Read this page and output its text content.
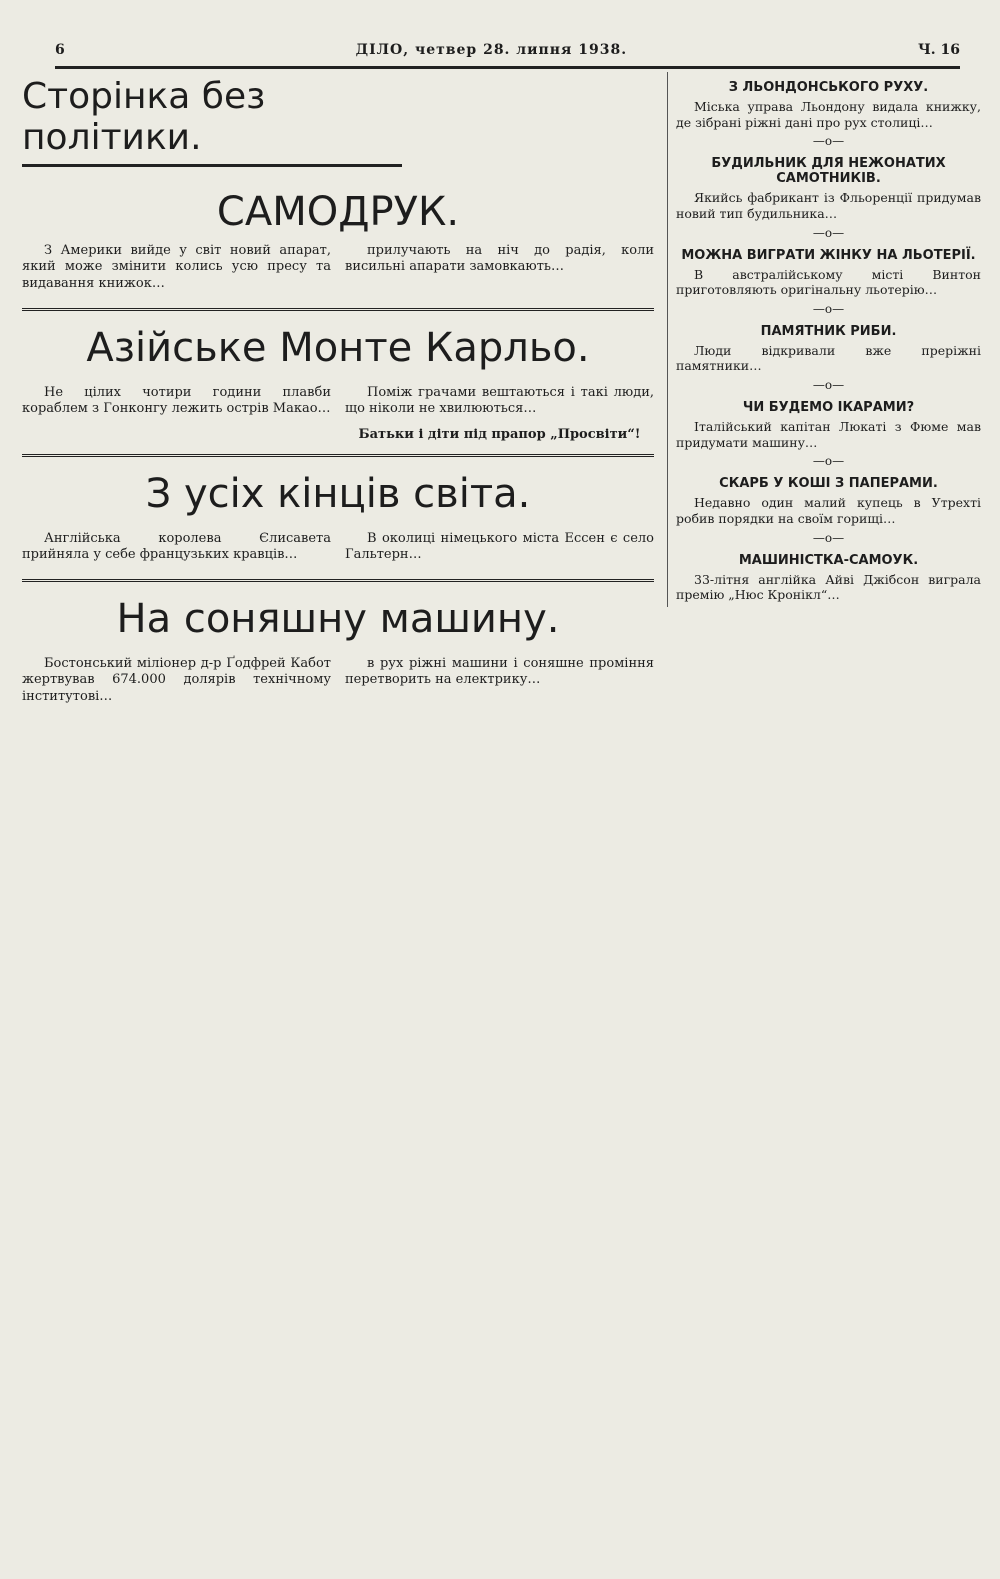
6	ДІЛО, четвер 28. липня 1938.	Ч. 16
Сторінка без політики.
САМОДРУК.

З Америки вийде у світ новий апарат, який може змінити колись усю пресу та видавання книжок…

прилучають на ніч до радія, коли висильні апарати замовкають…

Азійське Монте Карльо.

Не цілих чотири години плавби кораблем з Гонконгу лежить острів Макао…

Поміж грачами вештаються і такі люди, що ніколи не хвилюються…

Батьки і діти під прапор „Просвіти“!
З усіх кінців світа.

Англійська королева Єлисавета прийняла у себе французьких кравців…

В околиці німецького міста Ессен є село Гальтерн…

На соняшну машину.

Бостонський міліонер д-р Ґодфрей Кабот жертвував 674.000 долярів технічному інститутові…

в рух ріжні машини і соняшне проміння перетворить на електрику…

З ЛЬОНДОНСЬКОГО РУХУ.

Міська управа Льондону видала книжку, де зібрані ріжні дані про рух столиці…

—o—
БУДИЛЬНИК ДЛЯ НЕЖОНАТИХ САМОТНИКІВ.

Якийсь фабрикант із Фльоренції придумав новий тип будильника…

—o—
МОЖНА ВИГРАТИ ЖІНКУ НА ЛЬОТЕРІЇ.

В австралійському місті Винтон приготовляють оригінальну льотерію…

—o—
ПАМЯТНИК РИБИ.

Люди відкривали вже преріжні памятники…

—o—
ЧИ БУДЕМО ІКАРАМИ?

Італійський капітан Люкаті з Фюме мав придумати машину…

—o—
СКАРБ У КОШІ З ПАПЕРАМИ.

Недавно один малий купець в Утрехті робив порядки на своїм горищі…

—o—
МАШИНІСТКА-САМОУК.

33-літня англійка Айві Джібсон виграла премію „Нюс Кронікл“…
